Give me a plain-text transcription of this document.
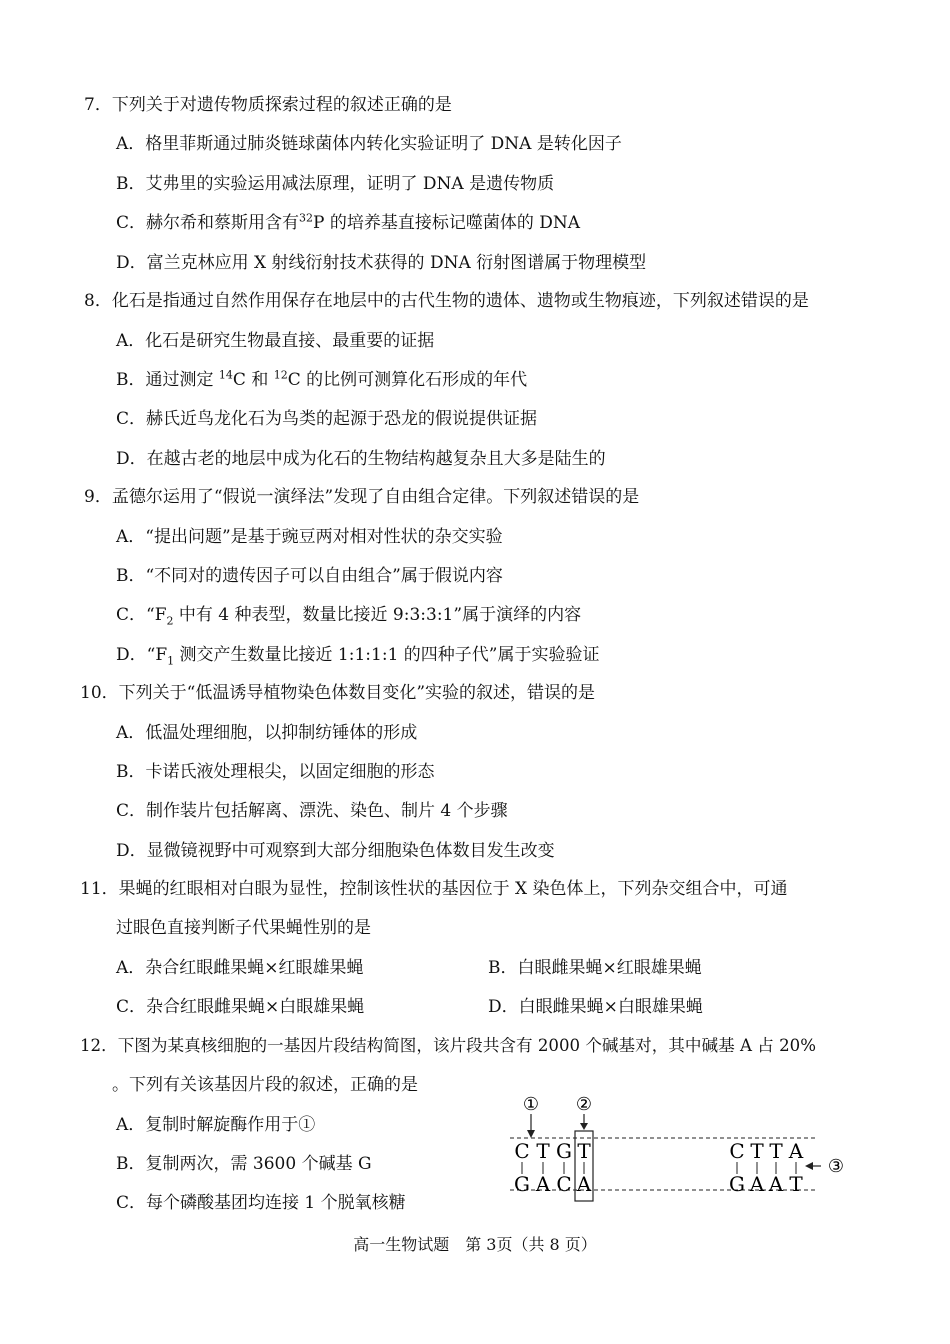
7．下列关于对遗传物质探索过程的叙述正确的是
A．格里菲斯通过肺炎链球菌体内转化实验证明了 DNA 是转化因子
B．艾弗里的实验运用减法原理，证明了 DNA 是遗传物质
C．赫尔希和蔡斯用含有$^{32}$P 的培养基直接标记噬菌体的 DNA
D．富兰克林应用 X 射线衍射技术获得的 DNA 衍射图谱属于物理模型
8．化石是指通过自然作用保存在地层中的古代生物的遗体、遗物或生物痕迹，下列叙述错误的是
A．化石是研究生物最直接、最重要的证据
B．通过测定 $^{14}$C 和 $^{12}$C 的比例可测算化石形成的年代
C．赫氏近鸟龙化石为鸟类的起源于恐龙的假说提供证据
D．在越古老的地层中成为化石的生物结构越复杂且大多是陆生的
9．孟德尔运用了“假说一演绎法”发现了自由组合定律。下列叙述错误的是
A．“提出问题”是基于豌豆两对相对性状的杂交实验
B．“不同对的遗传因子可以自由组合”属于假说内容
C．“$F_2$ 中有 4 种表型，数量比接近 9:3:3:1”属于演绎的内容
D．“$F_1$ 测交产生数量比接近 1:1:1:1 的四种子代”属于实验验证
10．下列关于“低温诱导植物染色体数目变化”实验的叙述，错误的是
A．低温处理细胞，以抑制纺锤体的形成
B．卡诺氏液处理根尖，以固定细胞的形态
C．制作装片包括解离、漂洗、染色、制片 4 个步骤
D．显微镜视野中可观察到大部分细胞染色体数目发生改变
11．果蝇的红眼相对白眼为显性，控制该性状的基因位于 X 染色体上，下列杂交组合中，可通
过眼色直接判断子代果蝇性别的是
A．杂合红眼雌果蝇×红眼雄果蝇	B．白眼雌果蝇×红眼雄果蝇
C．杂合红眼雌果蝇×白眼雄果蝇	D．白眼雌果蝇×白眼雄果蝇
12．下图为某真核细胞的一基因片段结构简图，该片段共含有 2000 个碱基对，其中碱基 A 占 20%
。下列有关该基因片段的叙述，正确的是
A．复制时解旋酶作用于①
B．复制两次，需 3600 个碱基 G
C．每个磷酸基团均连接 1 个脱氧核糖
① ②
C T G T
G A C A
C T T A
G A A T
③
高一生物试题　第 3页（共 8 页）
